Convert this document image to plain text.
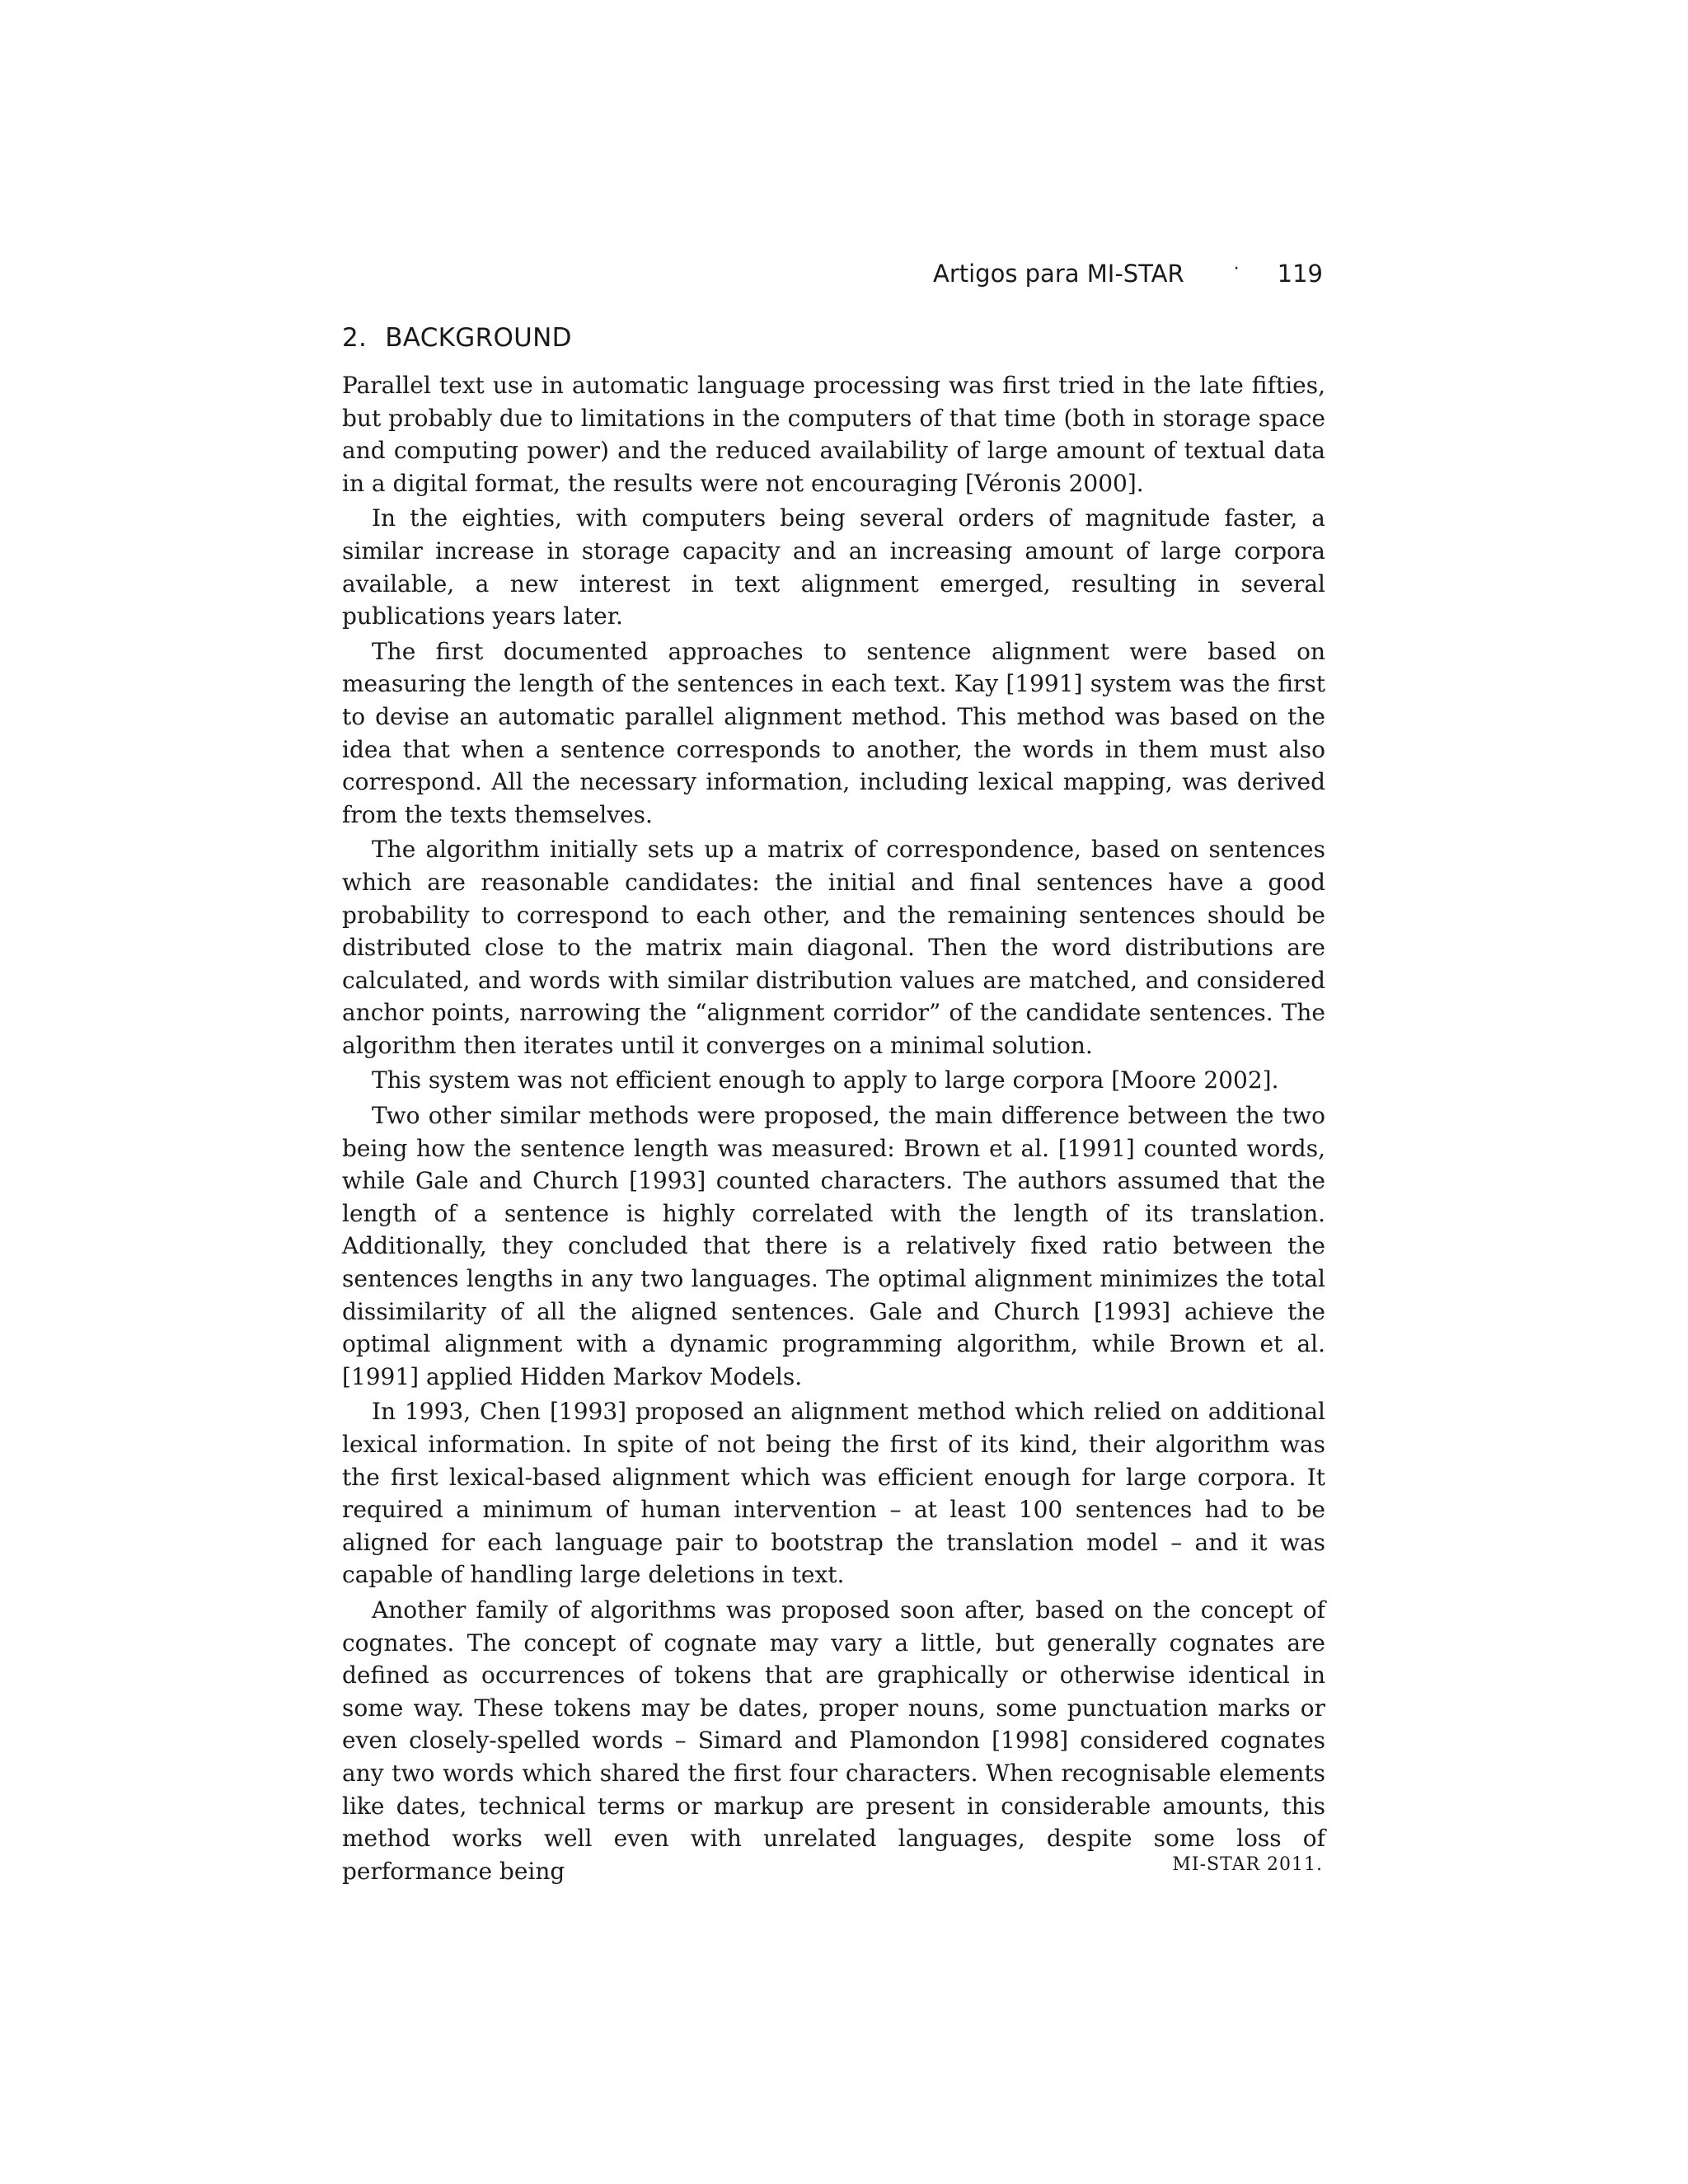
Artigos para MI-STAR	· 119
2. BACKGROUND

Parallel text use in automatic language processing was first tried in the late fifties, but probably due to limitations in the computers of that time (both in storage space and computing power) and the reduced availability of large amount of textual data in a digital format, the results were not encouraging [Véronis 2000].

In the eighties, with computers being several orders of magnitude faster, a similar increase in storage capacity and an increasing amount of large corpora available, a new interest in text alignment emerged, resulting in several publications years later.

The first documented approaches to sentence alignment were based on measuring the length of the sentences in each text. Kay [1991] system was the first to devise an automatic parallel alignment method. This method was based on the idea that when a sentence corresponds to another, the words in them must also correspond. All the necessary information, including lexical mapping, was derived from the texts themselves.

The algorithm initially sets up a matrix of correspondence, based on sentences which are reasonable candidates: the initial and final sentences have a good probability to correspond to each other, and the remaining sentences should be distributed close to the matrix main diagonal. Then the word distributions are calculated, and words with similar distribution values are matched, and considered anchor points, narrowing the “alignment corridor” of the candidate sentences. The algorithm then iterates until it converges on a minimal solution.

This system was not efficient enough to apply to large corpora [Moore 2002].

Two other similar methods were proposed, the main difference between the two being how the sentence length was measured: Brown et al. [1991] counted words, while Gale and Church [1993] counted characters. The authors assumed that the length of a sentence is highly correlated with the length of its translation. Additionally, they concluded that there is a relatively fixed ratio between the sentences lengths in any two languages. The optimal alignment minimizes the total dissimilarity of all the aligned sentences. Gale and Church [1993] achieve the optimal alignment with a dynamic programming algorithm, while Brown et al. [1991] applied Hidden Markov Models.

In 1993, Chen [1993] proposed an alignment method which relied on additional lexical information. In spite of not being the first of its kind, their algorithm was the first lexical-based alignment which was efficient enough for large corpora. It required a minimum of human intervention – at least 100 sentences had to be aligned for each language pair to bootstrap the translation model – and it was capable of handling large deletions in text.

Another family of algorithms was proposed soon after, based on the concept of cognates. The concept of cognate may vary a little, but generally cognates are defined as occurrences of tokens that are graphically or otherwise identical in some way. These tokens may be dates, proper nouns, some punctuation marks or even closely-spelled words – Simard and Plamondon [1998] considered cognates any two words which shared the first four characters. When recognisable elements like dates, technical terms or markup are present in considerable amounts, this method works well even with unrelated languages, despite some loss of performance being	MI-STAR 2011.
